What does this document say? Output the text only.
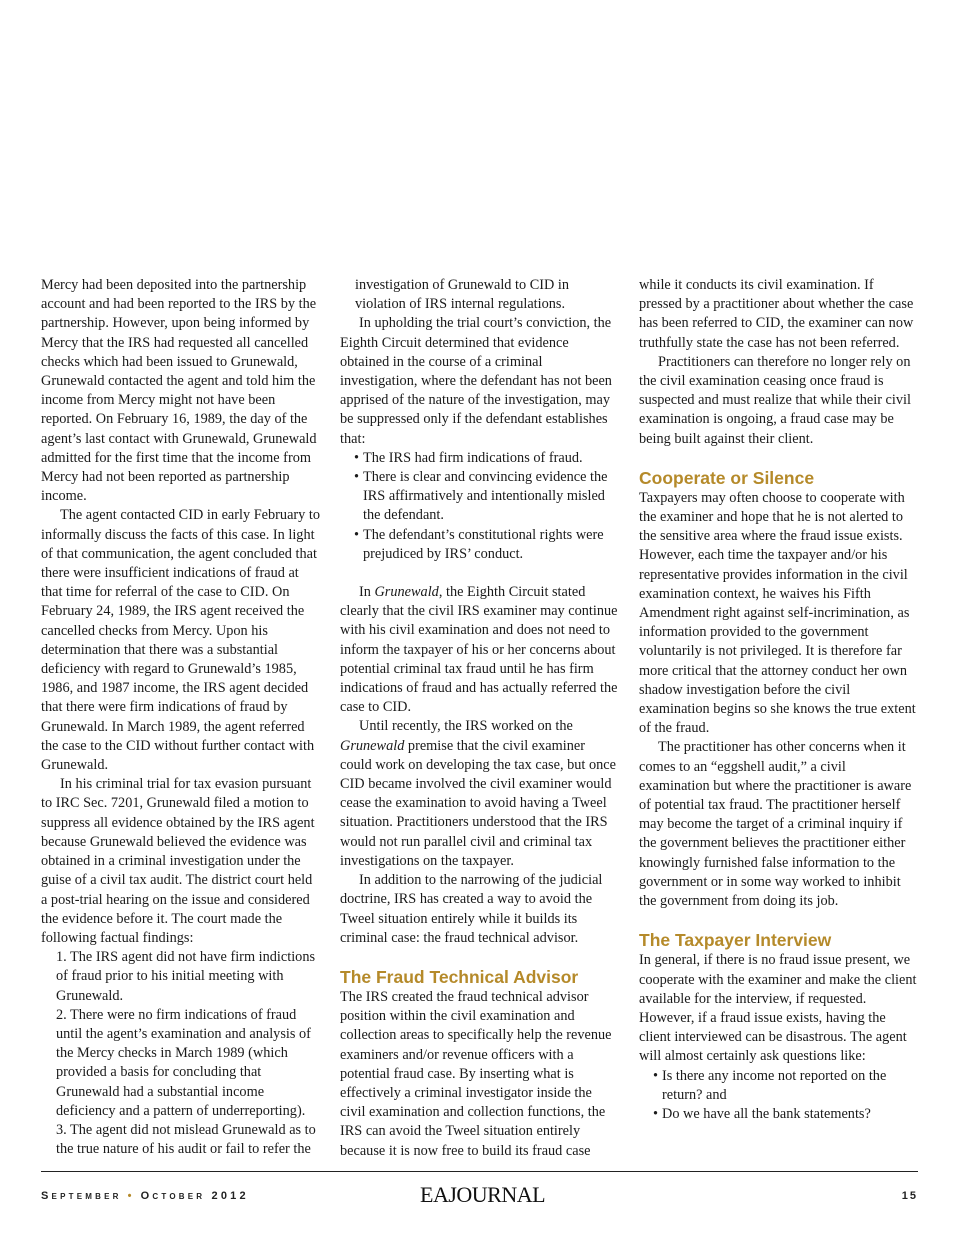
Mercy had been deposited into the partnership account and had been reported to the IRS by the partnership. However, upon being informed by Mercy that the IRS had requested all cancelled checks which had been issued to Grunewald, Grunewald contacted the agent and told him the income from Mercy might not have been reported. On February 16, 1989, the day of the agent’s last contact with Grunewald, Grunewald admitted for the first time that the income from Mercy had not been reported as partnership income.

The agent contacted CID in early February to informally discuss the facts of this case. In light of that communication, the agent concluded that there were insufficient indications of fraud at that time for referral of the case to CID. On February 24, 1989, the IRS agent received the cancelled checks from Mercy. Upon his determination that there was a substantial deficiency with regard to Grunewald’s 1985, 1986, and 1987 income, the IRS agent decided that there were firm indications of fraud by Grunewald. In March 1989, the agent referred the case to the CID without further contact with Grunewald.

In his criminal trial for tax evasion pursuant to IRC Sec. 7201, Grunewald filed a motion to suppress all evidence obtained by the IRS agent because Grunewald believed the evidence was obtained in a criminal investigation under the guise of a civil tax audit. The district court held a post-trial hearing on the issue and considered the evidence before it. The court made the following factual findings:

1. The IRS agent did not have firm indictions of fraud prior to his initial meeting with Grunewald.

2. There were no firm indications of fraud until the agent’s examination and analysis of the Mercy checks in March 1989 (which provided a basis for concluding that Grunewald had a substantial income deficiency and a pattern of underreporting).

3. The agent did not mislead Grunewald as to the true nature of his audit or fail to refer the

investigation of Grunewald to CID in violation of IRS internal regulations.

In upholding the trial court’s conviction, the Eighth Circuit determined that evidence obtained in the course of a criminal investigation, where the defendant has not been apprised of the nature of the investigation, may be suppressed only if the defendant establishes that:

• The IRS had firm indications of fraud.
• There is clear and convincing evidence the IRS affirmatively and intentionally misled the defendant.
• The defendant’s constitutional rights were prejudiced by IRS’ conduct.

In Grunewald, the Eighth Circuit stated clearly that the civil IRS examiner may continue with his civil examination and does not need to inform the taxpayer of his or her concerns about potential criminal tax fraud until he has firm indications of fraud and has actually referred the case to CID.

Until recently, the IRS worked on the Grunewald premise that the civil examiner could work on developing the tax case, but once CID became involved the civil examiner would cease the examination to avoid having a Tweel situation. Practitioners understood that the IRS would not run parallel civil and criminal tax investigations on the taxpayer.

In addition to the narrowing of the judicial doctrine, IRS has created a way to avoid the Tweel situation entirely while it builds its criminal case: the fraud technical advisor.

The Fraud Technical Advisor

The IRS created the fraud technical advisor position within the civil examination and collection areas to specifically help the revenue examiners and/or revenue officers with a potential fraud case. By inserting what is effectively a criminal investigator inside the civil examination and collection functions, the IRS can avoid the Tweel situation entirely because it is now free to build its fraud case

while it conducts its civil examination. If pressed by a practitioner about whether the case has been referred to CID, the examiner can now truthfully state the case has not been referred.

Practitioners can therefore no longer rely on the civil examination ceasing once fraud is suspected and must realize that while their civil examination is ongoing, a fraud case may be being built against their client.

Cooperate or Silence

Taxpayers may often choose to cooperate with the examiner and hope that he is not alerted to the sensitive area where the fraud issue exists. However, each time the taxpayer and/or his representative provides information in the civil examination context, he waives his Fifth Amendment right against self-incrimination, as information provided to the government voluntarily is not privileged. It is therefore far more critical that the attorney conduct her own shadow investigation before the civil examination begins so she knows the true extent of the fraud.

The practitioner has other concerns when it comes to an “eggshell audit,” a civil examination but where the practitioner is aware of potential tax fraud. The practitioner herself may become the target of a criminal inquiry if the government believes the practitioner either knowingly furnished false information to the government or in some way worked to inhibit the government from doing its job.

The Taxpayer Interview

In general, if there is no fraud issue present, we cooperate with the examiner and make the client available for the interview, if requested. However, if a fraud issue exists, having the client interviewed can be disastrous. The agent will almost certainly ask questions like:

• Is there any income not reported on the return? and
• Do we have all the bank statements?
September • October 2012	EAJOURNAL	15
